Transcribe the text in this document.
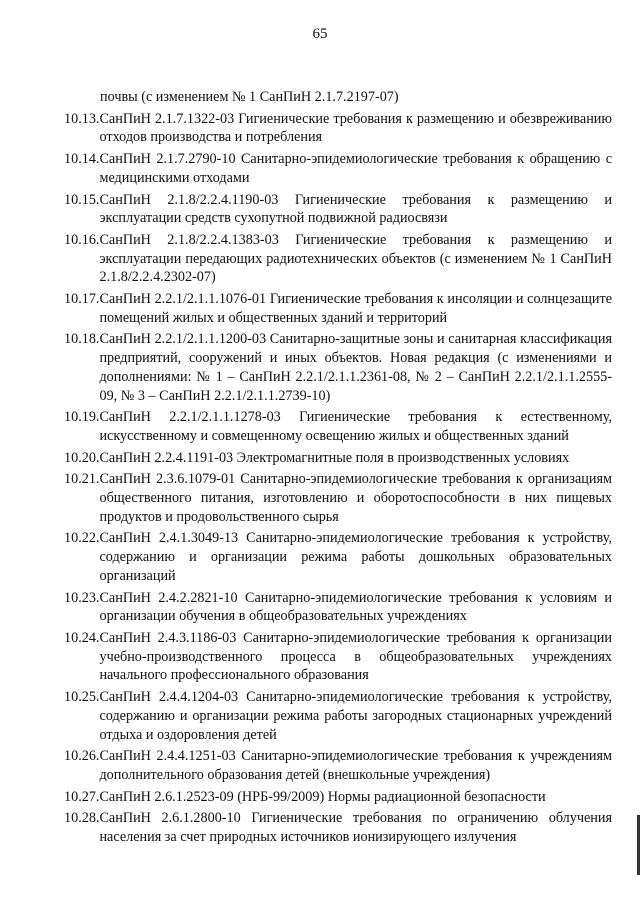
65
почвы (с изменением № 1 СанПиН 2.1.7.2197-07)
10.13. СанПиН 2.1.7.1322-03 Гигиенические требования к размещению и обезвреживанию отходов производства и потребления
10.14. СанПиН 2.1.7.2790-10 Санитарно-эпидемиологические требования к обращению с медицинскими отходами
10.15. СанПиН 2.1.8/2.2.4.1190-03 Гигиенические требования к размещению и эксплуатации средств сухопутной подвижной радиосвязи
10.16. СанПиН 2.1.8/2.2.4.1383-03 Гигиенические требования к размещению и эксплуатации передающих радиотехнических объектов (с изменением № 1 СанПиН 2.1.8/2.2.4.2302-07)
10.17. СанПиН 2.2.1/2.1.1.1076-01 Гигиенические требования к инсоляции и солнцезащите помещений жилых и общественных зданий и территорий
10.18. СанПиН 2.2.1/2.1.1.1200-03 Санитарно-защитные зоны и санитарная классификация предприятий, сооружений и иных объектов. Новая редакция (с изменениями и дополнениями: № 1 – СанПиН 2.2.1/2.1.1.2361-08, № 2 – СанПиН 2.2.1/2.1.1.2555-09, № 3 – СанПиН 2.2.1/2.1.1.2739-10)
10.19. СанПиН 2.2.1/2.1.1.1278-03 Гигиенические требования к естественному, искусственному и совмещенному освещению жилых и общественных зданий
10.20. СанПиН 2.2.4.1191-03 Электромагнитные поля в производственных условиях
10.21. СанПиН 2.3.6.1079-01 Санитарно-эпидемиологические требования к организациям общественного питания, изготовлению и оборотоспособности в них пищевых продуктов и продовольственного сырья
10.22. СанПиН 2.4.1.3049-13 Санитарно-эпидемиологические требования к устройству, содержанию и организации режима работы дошкольных образовательных организаций
10.23. СанПиН 2.4.2.2821-10 Санитарно-эпидемиологические требования к условиям и организации обучения в общеобразовательных учреждениях
10.24. СанПиН 2.4.3.1186-03 Санитарно-эпидемиологические требования к организации учебно-производственного процесса в общеобразовательных учреждениях начального профессионального образования
10.25. СанПиН 2.4.4.1204-03 Санитарно-эпидемиологические требования к устройству, содержанию и организации режима работы загородных стационарных учреждений отдыха и оздоровления детей
10.26. СанПиН 2.4.4.1251-03 Санитарно-эпидемиологические требования к учреждениям дополнительного образования детей (внешкольные учреждения)
10.27. СанПиН 2.6.1.2523-09 (НРБ-99/2009) Нормы радиационной безопасности
10.28. СанПиН 2.6.1.2800-10 Гигиенические требования по ограничению облучения населения за счет природных источников ионизирующего излучения
